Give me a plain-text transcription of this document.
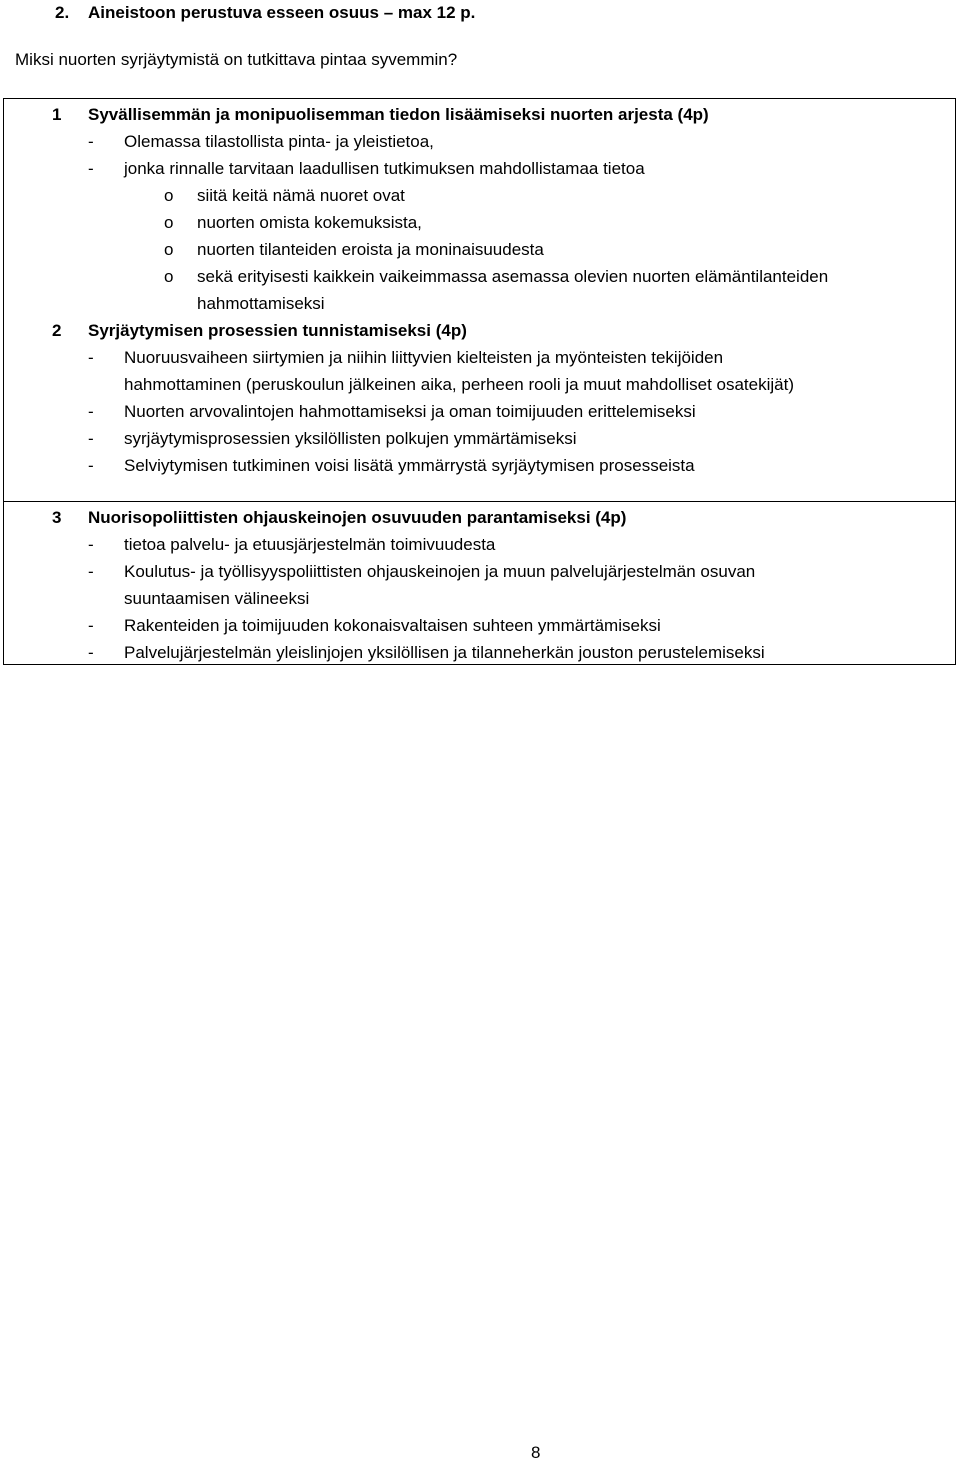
2. Aineistoon perustuva esseen osuus – max 12 p.
Miksi nuorten syrjäytymistä on tutkittava pintaa syvemmin?
1 Syvällisemmän ja monipuolisemman tiedon lisäämiseksi nuorten arjesta (4p)
- Olemassa tilastollista pinta- ja yleistietoa,
- jonka rinnalle tarvitaan laadullisen tutkimuksen mahdollistamaa tietoa
o siitä keitä nämä nuoret ovat
o nuorten omista kokemuksista,
o nuorten tilanteiden eroista ja moninaisuudesta
o sekä erityisesti kaikkein vaikeimmassa asemassa olevien nuorten elämäntilanteiden
hahmottamiseksi
2 Syrjäytymisen prosessien tunnistamiseksi (4p)
- Nuoruusvaiheen siirtymien ja niihin liittyvien kielteisten ja myönteisten tekijöiden
hahmottaminen (peruskoulun jälkeinen aika, perheen rooli ja muut mahdolliset osatekijät)
- Nuorten arvovalintojen hahmottamiseksi ja oman toimijuuden erittelemiseksi
- syrjäytymisprosessien yksilöllisten polkujen ymmärtämiseksi
- Selviytymisen tutkiminen voisi lisätä ymmärrystä syrjäytymisen prosesseista
3 Nuorisopoliittisten ohjauskeinojen osuvuuden parantamiseksi (4p)
- tietoa palvelu- ja etuusjärjestelmän toimivuudesta
- Koulutus- ja työllisyyspoliittisten ohjauskeinojen ja muun palvelujärjestelmän osuvan
suuntaamisen välineeksi
- Rakenteiden ja toimijuuden kokonaisvaltaisen suhteen ymmärtämiseksi
- Palvelujärjestelmän yleislinjojen yksilöllisen ja tilanneherkän jouston perustelemiseksi
8
